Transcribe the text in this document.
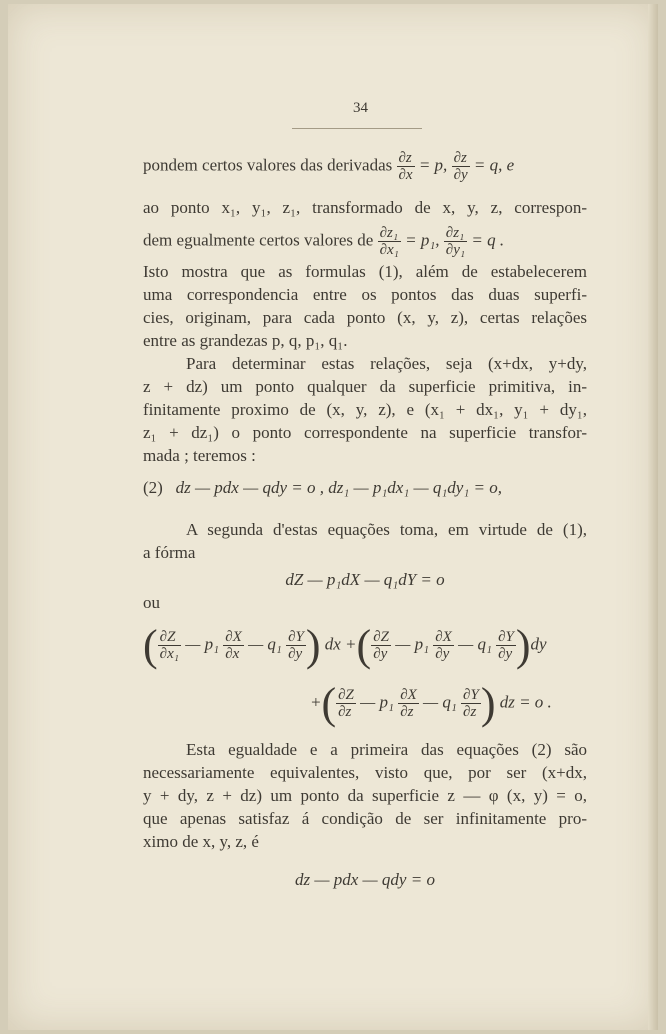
34
pondem certos valores das derivadas $\frac{\partial z}{\partial x} = p$, $\frac{\partial z}{\partial y} = q$, e
ao ponto x₁, y₁, z₁, transformado de x, y, z, correspon-
dem egualmente certos valores de $\frac{\text{∂z₁}}{\text{∂x₁}} = p_1$, $\frac{\text{∂z₁}}{\text{∂y₁}} = q$ .
Isto mostra que as formulas (1), além de estabelecerem
uma correspondencia entre os pontos das duas superfi-
cies, originam, para cada ponto (x, y, z), certas relações
entre as grandezas p, q, p₁, q₁.
Para determinar estas relações, seja (x+dx, y+dy,
z + dz) um ponto qualquer da superficie primitiva, in-
finitamente proximo de (x, y, z), e (x₁ + dx₁, y₁ + dy₁,
z₁ + dz₁) o ponto correspondente na superficie transfor-
mada ; teremos :
(2) dz — pdx — qdy = o , dz₁ — p₁dx₁ — q₁dy₁ = o,
A segunda d'estas equações toma, em virtude de (1),
a fórma
dZ — p₁dX — q₁dY = o
ou
( $\frac{\partial Z}{\text{∂x₁}}$ — $p_1 \frac{\partial X}{\partial x}$ — $q_1 \frac{\partial Y}{\partial y}$ ) dx +( $\frac{\partial Z}{\partial y}$ — $p_1 \frac{\partial X}{\partial y}$ — $q_1 \frac{\partial Y}{\partial y} )dy$
+( $\frac{\partial Z}{\partial z}$ — $p_1 \frac{\partial X}{\partial z}$ — $q_1 \frac{\partial Y}{\partial z}$ ) dz = o .
Esta egualdade e a primeira das equações (2) são
necessariamente equivalentes, visto que, por ser (x+dx,
y + dy, z + dz) um ponto da superficie z — φ (x, y) = o,
que apenas satisfaz á condição de ser infinitamente pro-
ximo de x, y, z, é
dz — pdx — qdy = o
